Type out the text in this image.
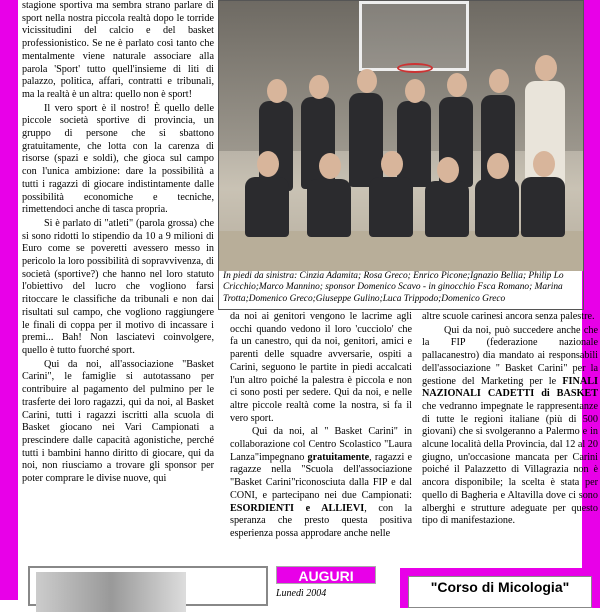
stagione sportiva ma sembra strano parlare di sport nella nostra piccola realtà dopo le torride vicissitudini del calcio e del basket professionistico. Se ne è parlato così tanto che mentalmente viene naturale associare alla parola 'Sport' tutto quell'insieme di liti di palazzo, politica, affari, contratti e tribunali, ma la realtà è un altra: quello non è sport!

Il vero sport è il nostro! È quello delle piccole società sportive di provincia, un gruppo di persone che si sbattono gratuitamente, che lotta con la carenza di risorse (spazi e soldi), che gioca sul campo con l'unica ambizione: dare la possibilità a tutti i ragazzi di giocare indistintamente dalle possibilità economiche e tecniche, rimettendoci anche di tasca propria.

Si è parlato di "atleti" (parola grossa) che si sono ridotti lo stipendio da 10 a 9 milioni di Euro come se poveretti avessero messo in pericolo la loro possibilità di sopravvivenza, di società (sportive?) che hanno nel loro statuto l'obiettivo del lucro che vogliono farsi ritoccare le classifiche da tribunali e non dai risultati sul campo, che vogliono raggiungere le finali di coppa per il motivo di incassare i premi... Bah! Non lasciatevi coinvolgere, quello è tutto fuorché sport.

Qui da noi, all'associazione "Basket Carini", le famiglie si autotassano per contribuire al pagamento del pulmino per le trasferte dei loro ragazzi, qui da noi, al Basket Carini, tutti i ragazzi iscritti alla scuola di Basket giocano nei Vari Campionati a prescindere dalle capacità agonistiche, perché tutti i bambini hanno diritto di giocare, qui da noi, non riusciamo a trovare gli sponsor per poter comprare le divise nuove, qui

In piedi da sinistra: Cinzia Adamita; Rosa Greco; Enrico Picone;Ignazio Bellia; Philip Lo Cricchio;Marco Mannino; sponsor Domenico Scavo - in ginocchio Fsca Romano; Marina Trotta;Domenico Greco;Giuseppe Gulino;Luca Trippodo;Domenico Greco

da noi ai genitori vengono le lacrime agli occhi quando vedono il loro 'cucciolo' che fa un canestro, qui da noi, genitori, amici e parenti delle squadre avversarie, ospiti a Carini, seguono le partite in piedi accalcati l'un altro poiché la palestra è piccola e non ci sono posti per sedere. Qui da noi, e nelle altre piccole realtà come la nostra, si fa il vero sport.

Qui da noi, al " Basket Carini" in collaborazione col Centro Scolastico "Laura Lanza"impegnano gratuitamente, ragazzi e ragazze nella "Scuola dell'associazione "Basket Carini"riconosciuta dalla FIP e dal CONI, e partecipano nei due Campionati: ESORDIENTI e ALLIEVI, con la speranza che presto questa positiva esperienza possa approdare anche nelle

altre scuole carinesi ancora senza palestre.

Qui da noi, può succedere anche che la FIP (federazione nazionale pallacanestro) dia mandato ai responsabili dell'associazione " Basket Carini" per la gestione del Marketing per le FINALI NAZIONALI CADETTI di BASKET che vedranno impegnate le rappresentanze di tutte le regioni italiane (più di 500 giovani) che si svolgeranno a Palermo e in alcune località della Provincia, dal 12 al 20 giugno, un'occasione mancata per Carini poiché il Palazzetto di Villagrazia non è ancora disponibile; la scelta è stata per quello di Bagheria e Altavilla dove ci sono alberghi e strutture adeguate per questo tipo di manifestazione.

AUGURI
Lunedì 2004	"Corso di Micologia"
